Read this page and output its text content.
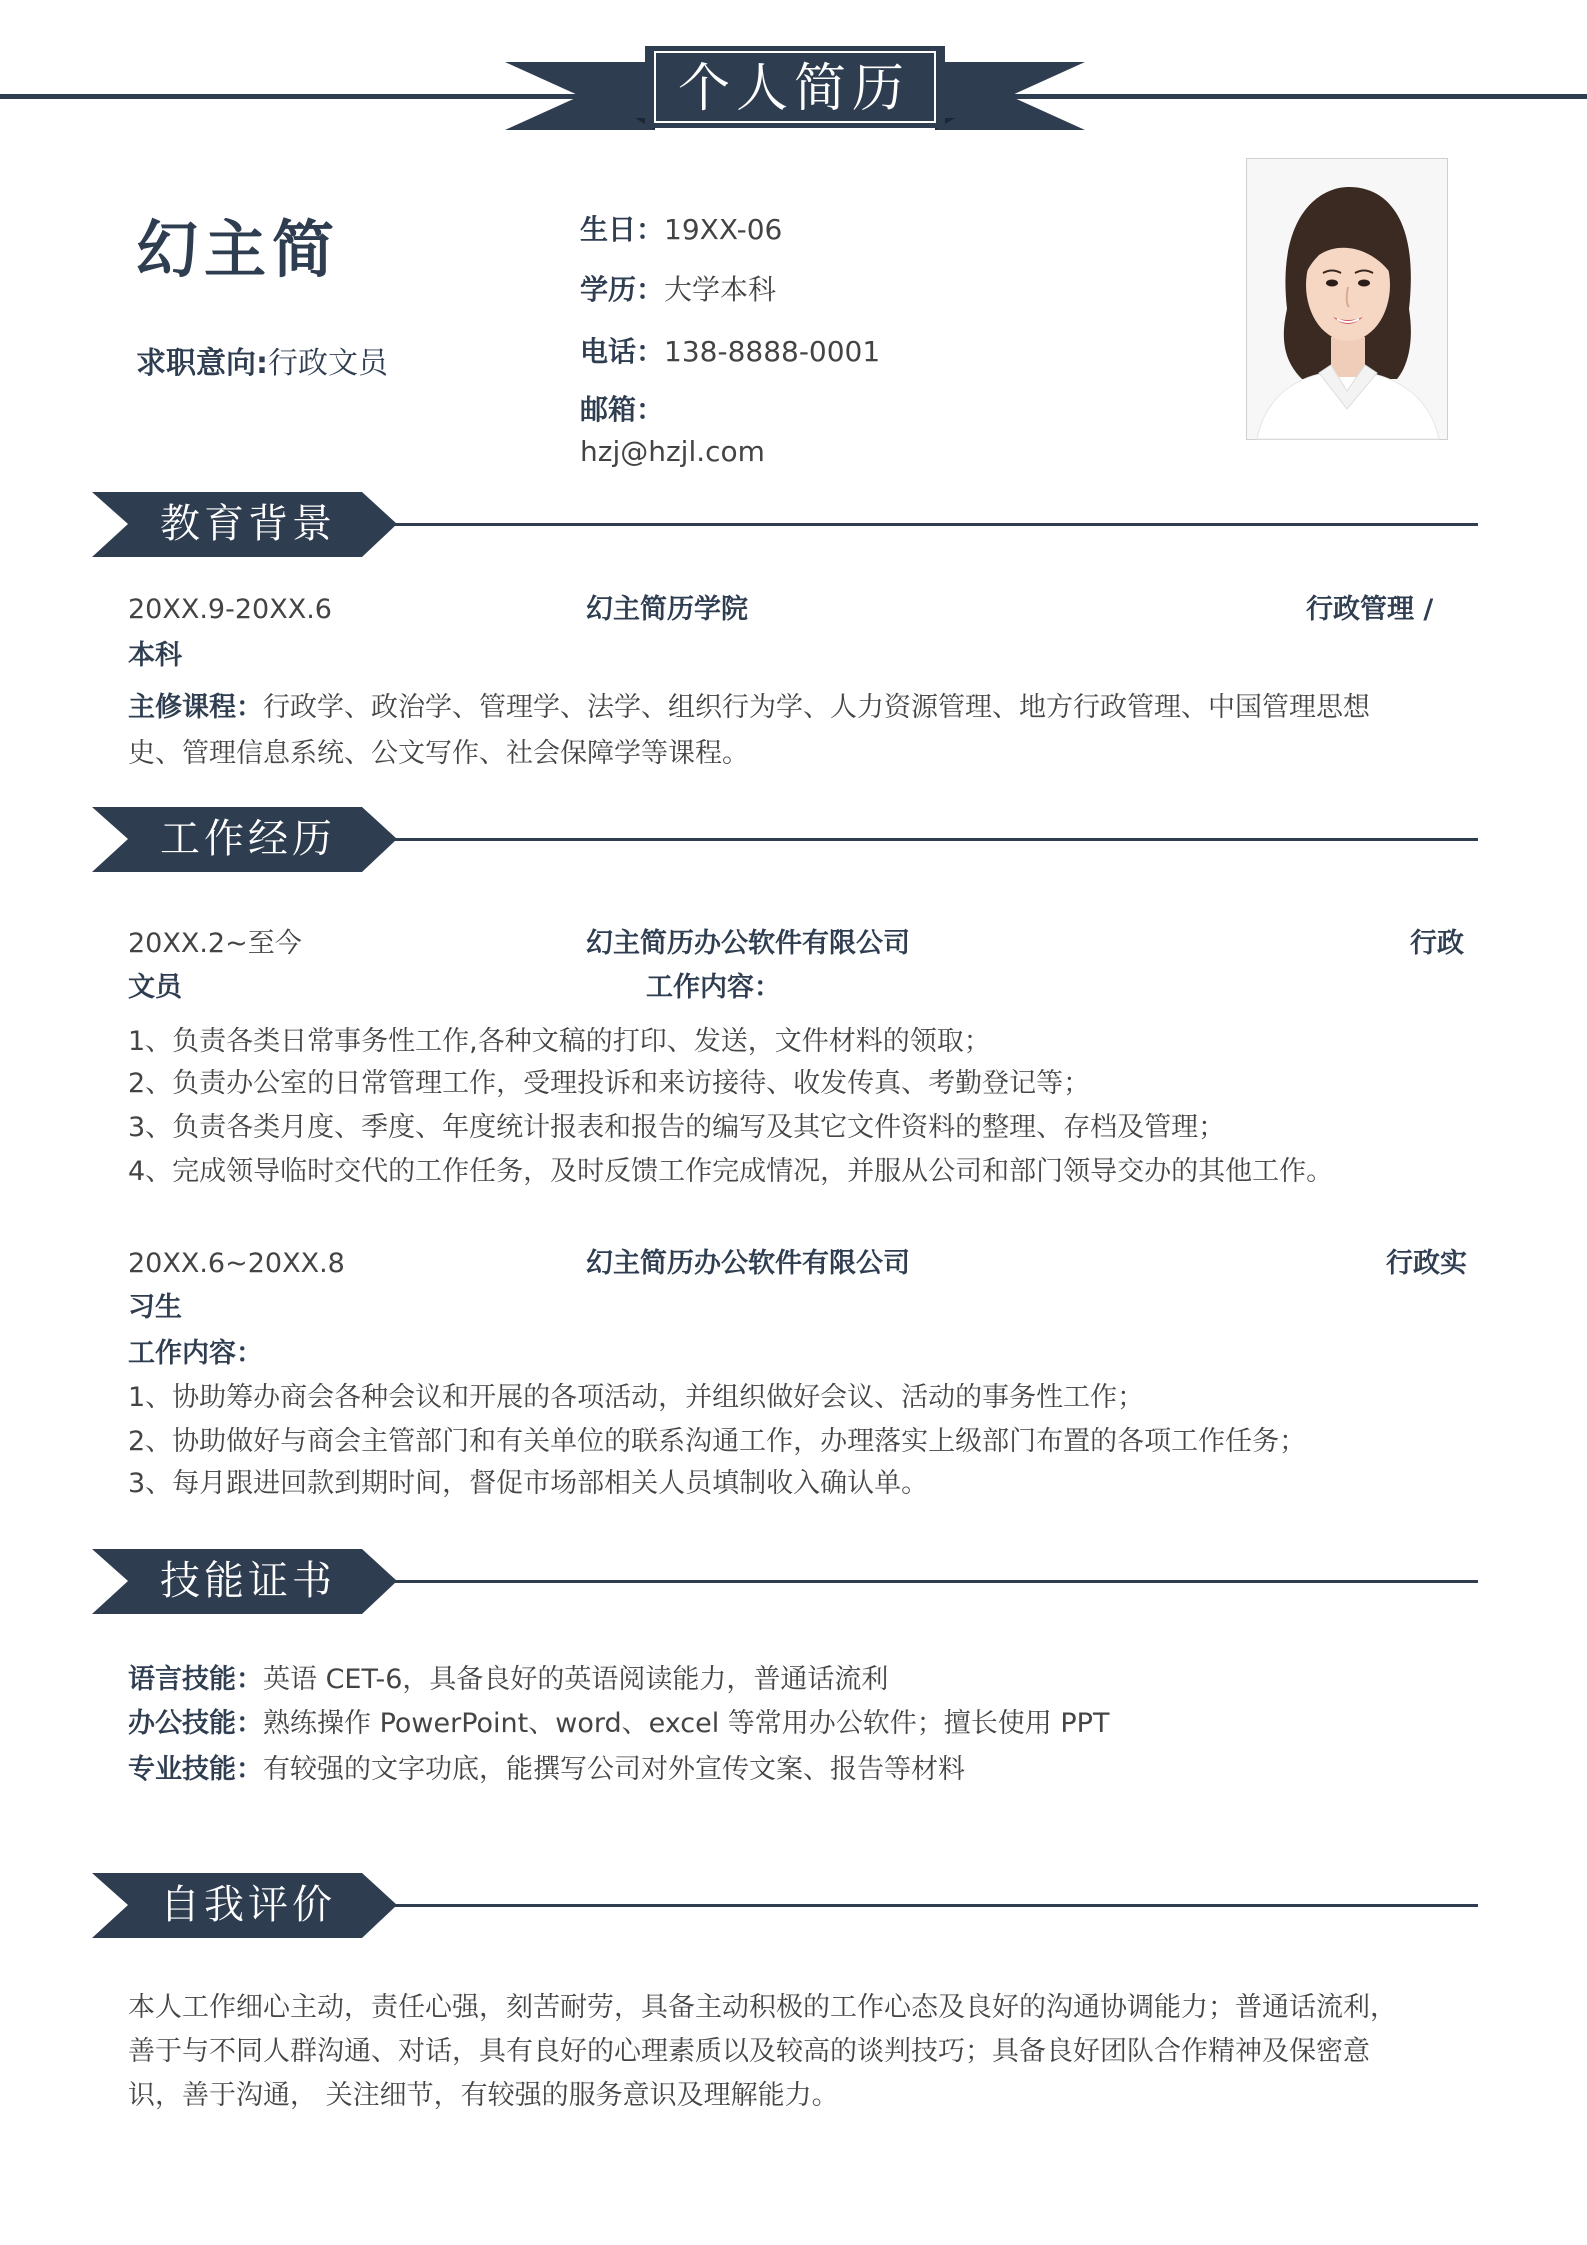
个人简历
幻主简
求职意向:行政文员
生日：19XX-06
学历：大学本科
电话：138-8888-0001
邮箱：
hzj@hzjl.com
教育背景
20XX.9-20XX.6	幻主简历学院	行政管理 /
本科
主修课程：行政学、政治学、管理学、法学、组织行为学、人力资源管理、地方行政管理、中国管理思想
史、管理信息系统、公文写作、社会保障学等课程。
工作经历
20XX.2~至今	幻主简历办公软件有限公司	行政
文员	工作内容：
1、负责各类日常事务性工作,各种文稿的打印、发送，文件材料的领取；
2、负责办公室的日常管理工作，受理投诉和来访接待、收发传真、考勤登记等；
3、负责各类月度、季度、年度统计报表和报告的编写及其它文件资料的整理、存档及管理；
4、完成领导临时交代的工作任务，及时反馈工作完成情况，并服从公司和部门领导交办的其他工作。
20XX.6~20XX.8	幻主简历办公软件有限公司	行政实
习生
工作内容：
1、协助筹办商会各种会议和开展的各项活动，并组织做好会议、活动的事务性工作；
2、协助做好与商会主管部门和有关单位的联系沟通工作，办理落实上级部门布置的各项工作任务；
3、每月跟进回款到期时间，督促市场部相关人员填制收入确认单。
技能证书
语言技能：英语 CET-6，具备良好的英语阅读能力，普通话流利
办公技能：熟练操作 PowerPoint、word、excel 等常用办公软件；擅长使用 PPT
专业技能：有较强的文字功底，能撰写公司对外宣传文案、报告等材料
自我评价
本人工作细心主动，责任心强，刻苦耐劳，具备主动积极的工作心态及良好的沟通协调能力；普通话流利，
善于与不同人群沟通、对话，具有良好的心理素质以及较高的谈判技巧；具备良好团队合作精神及保密意
识，善于沟通， 关注细节，有较强的服务意识及理解能力。
